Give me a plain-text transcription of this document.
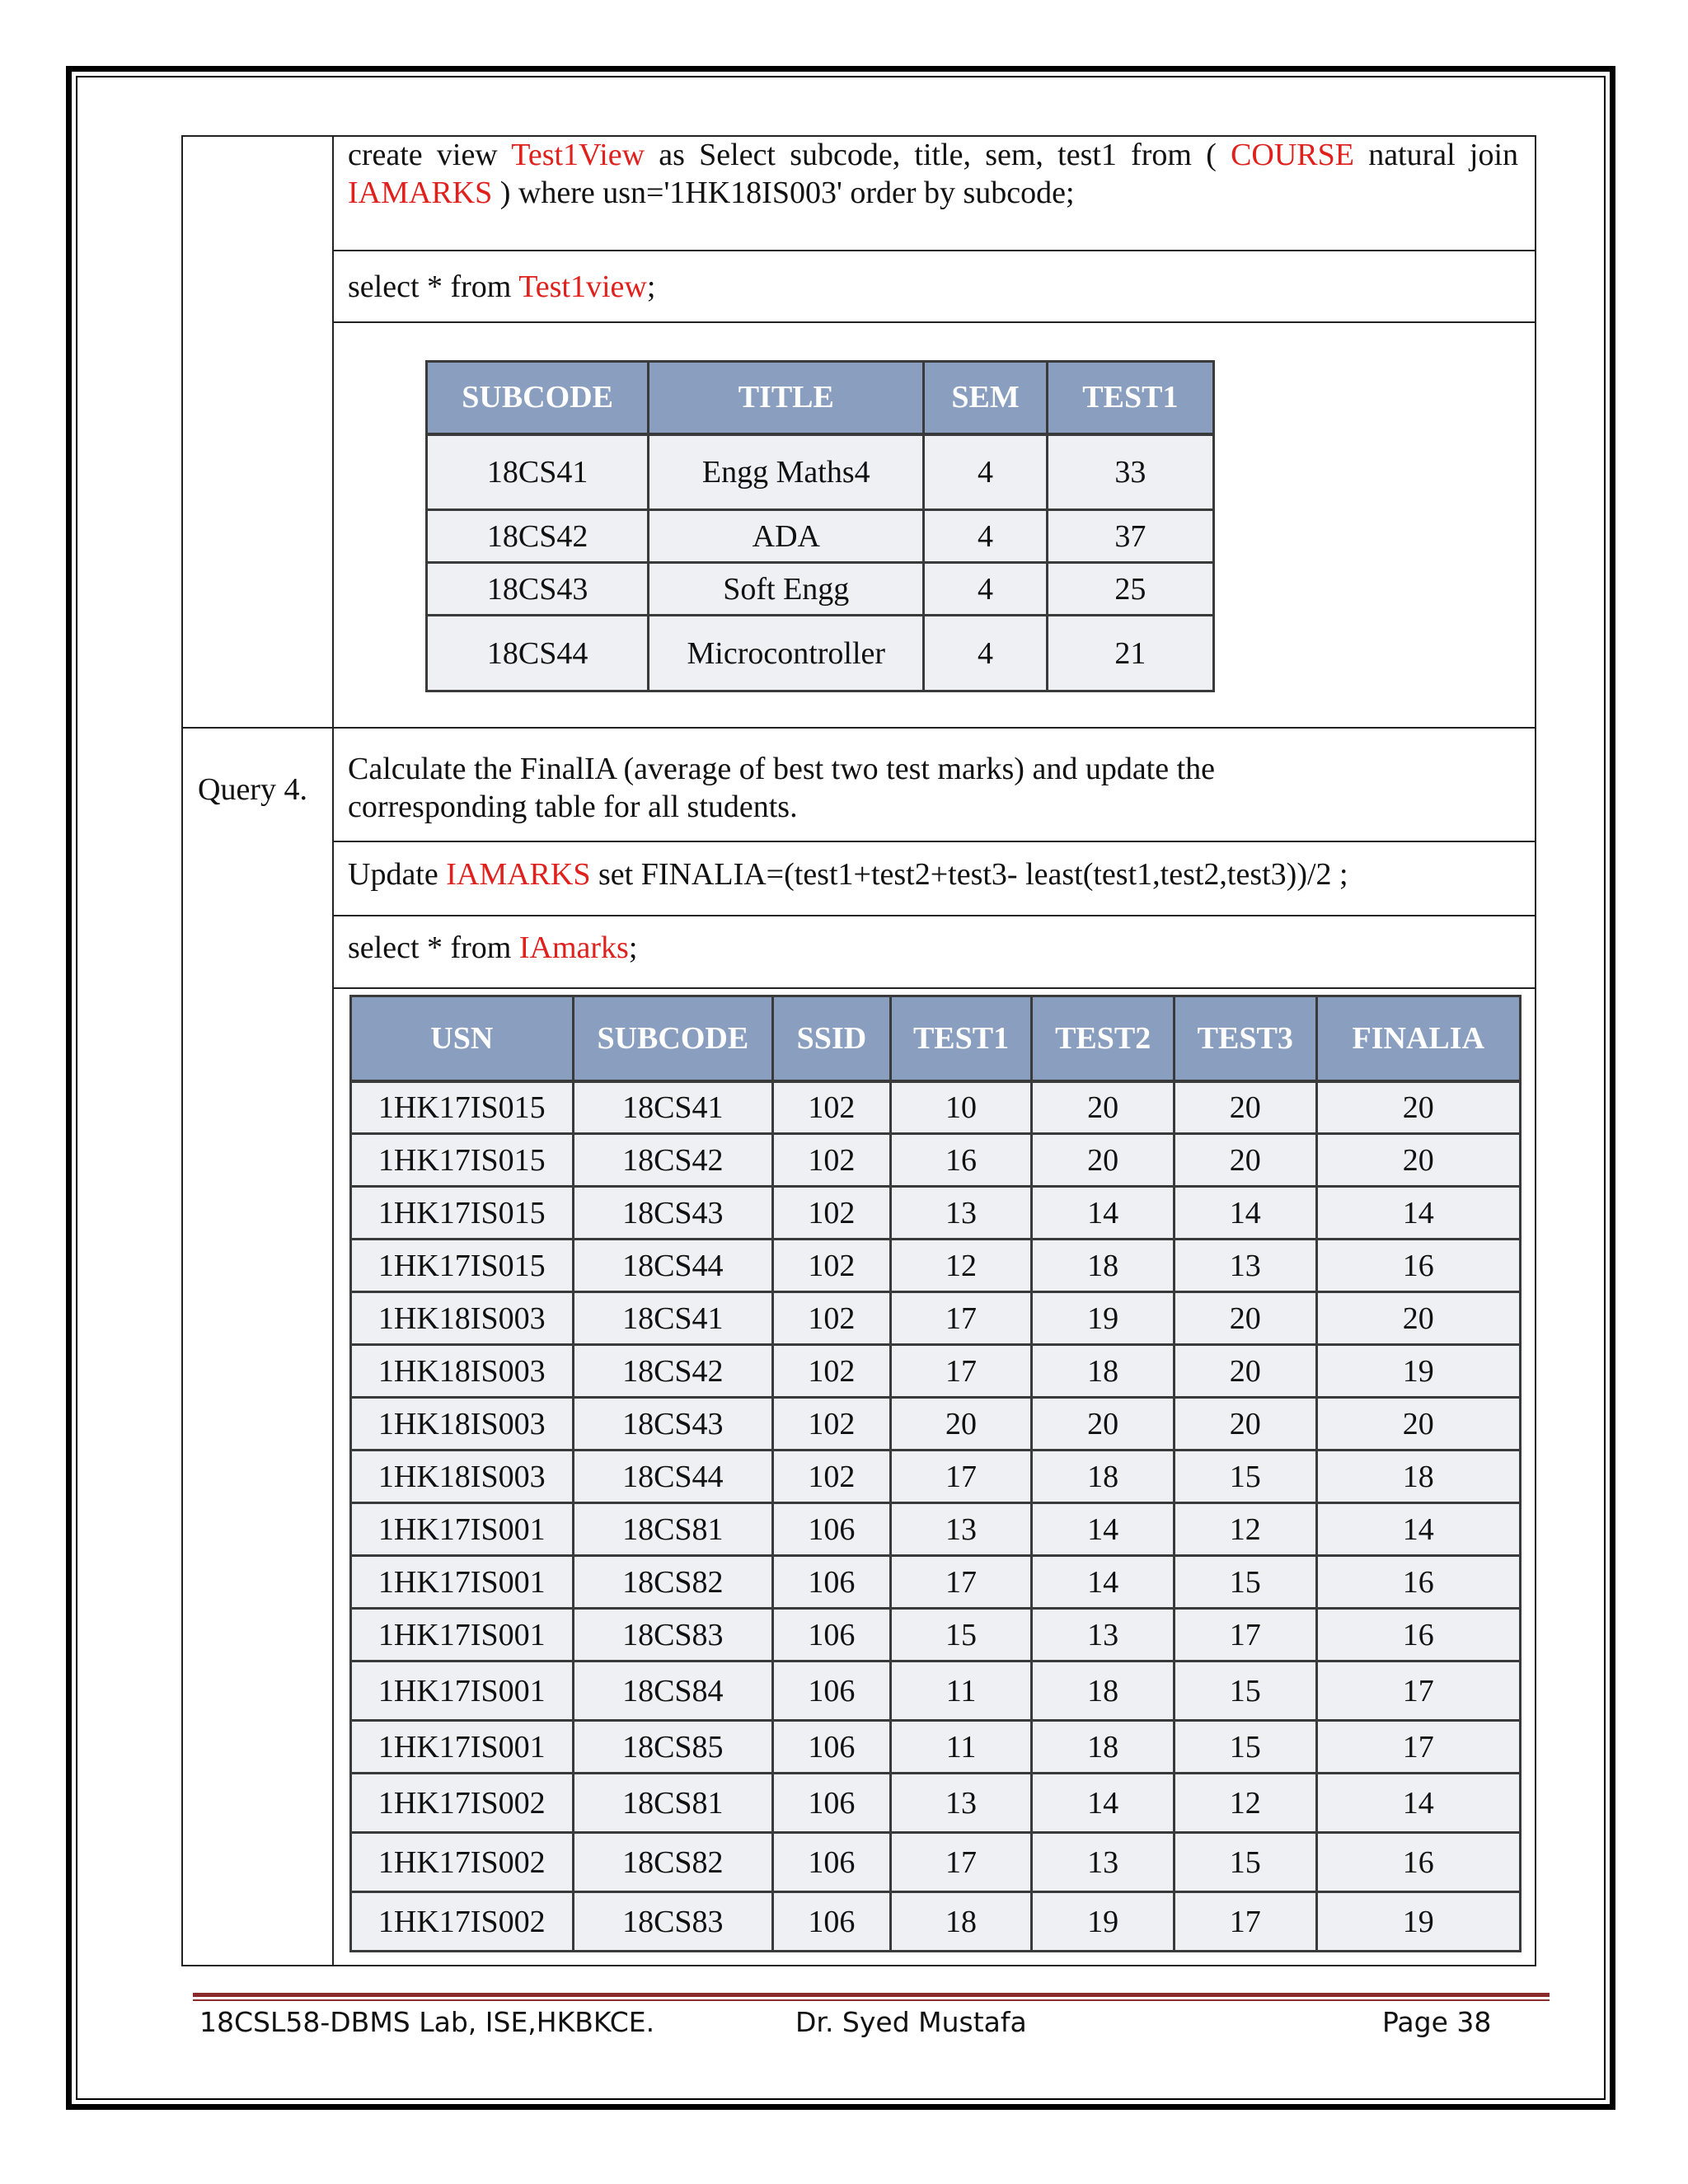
create view Test1View as Select subcode, title, sem, test1 from ( COURSE natural join
IAMARKS ) where usn='1HK18IS003' order by subcode;
select * from Test1view;
SUBCODE	TITLE	SEM	TEST1
18CS41	Engg Maths4	4	33
18CS42	ADA	4	37
18CS43	Soft Engg	4	25
18CS44	Microcontroller	4	21
Query 4.
Calculate the FinalIA (average of best two test marks) and update the
corresponding table for all students.
Update IAMARKS set FINALIA=(test1+test2+test3- least(test1,test2,test3))/2 ;
select * from IAmarks;
USN	SUBCODE	SSID	TEST1	TEST2	TEST3	FINALIA
1HK17IS015	18CS41	102	10	20	20	20
1HK17IS015	18CS42	102	16	20	20	20
1HK17IS015	18CS43	102	13	14	14	14
1HK17IS015	18CS44	102	12	18	13	16
1HK18IS003	18CS41	102	17	19	20	20
1HK18IS003	18CS42	102	17	18	20	19
1HK18IS003	18CS43	102	20	20	20	20
1HK18IS003	18CS44	102	17	18	15	18
1HK17IS001	18CS81	106	13	14	12	14
1HK17IS001	18CS82	106	17	14	15	16
1HK17IS001	18CS83	106	15	13	17	16
1HK17IS001	18CS84	106	11	18	15	17
1HK17IS001	18CS85	106	11	18	15	17
1HK17IS002	18CS81	106	13	14	12	14
1HK17IS002	18CS82	106	17	13	15	16
1HK17IS002	18CS83	106	18	19	17	19
18CSL58-DBMS Lab, ISE,HKBKCE.	Dr. Syed Mustafa	Page 38
